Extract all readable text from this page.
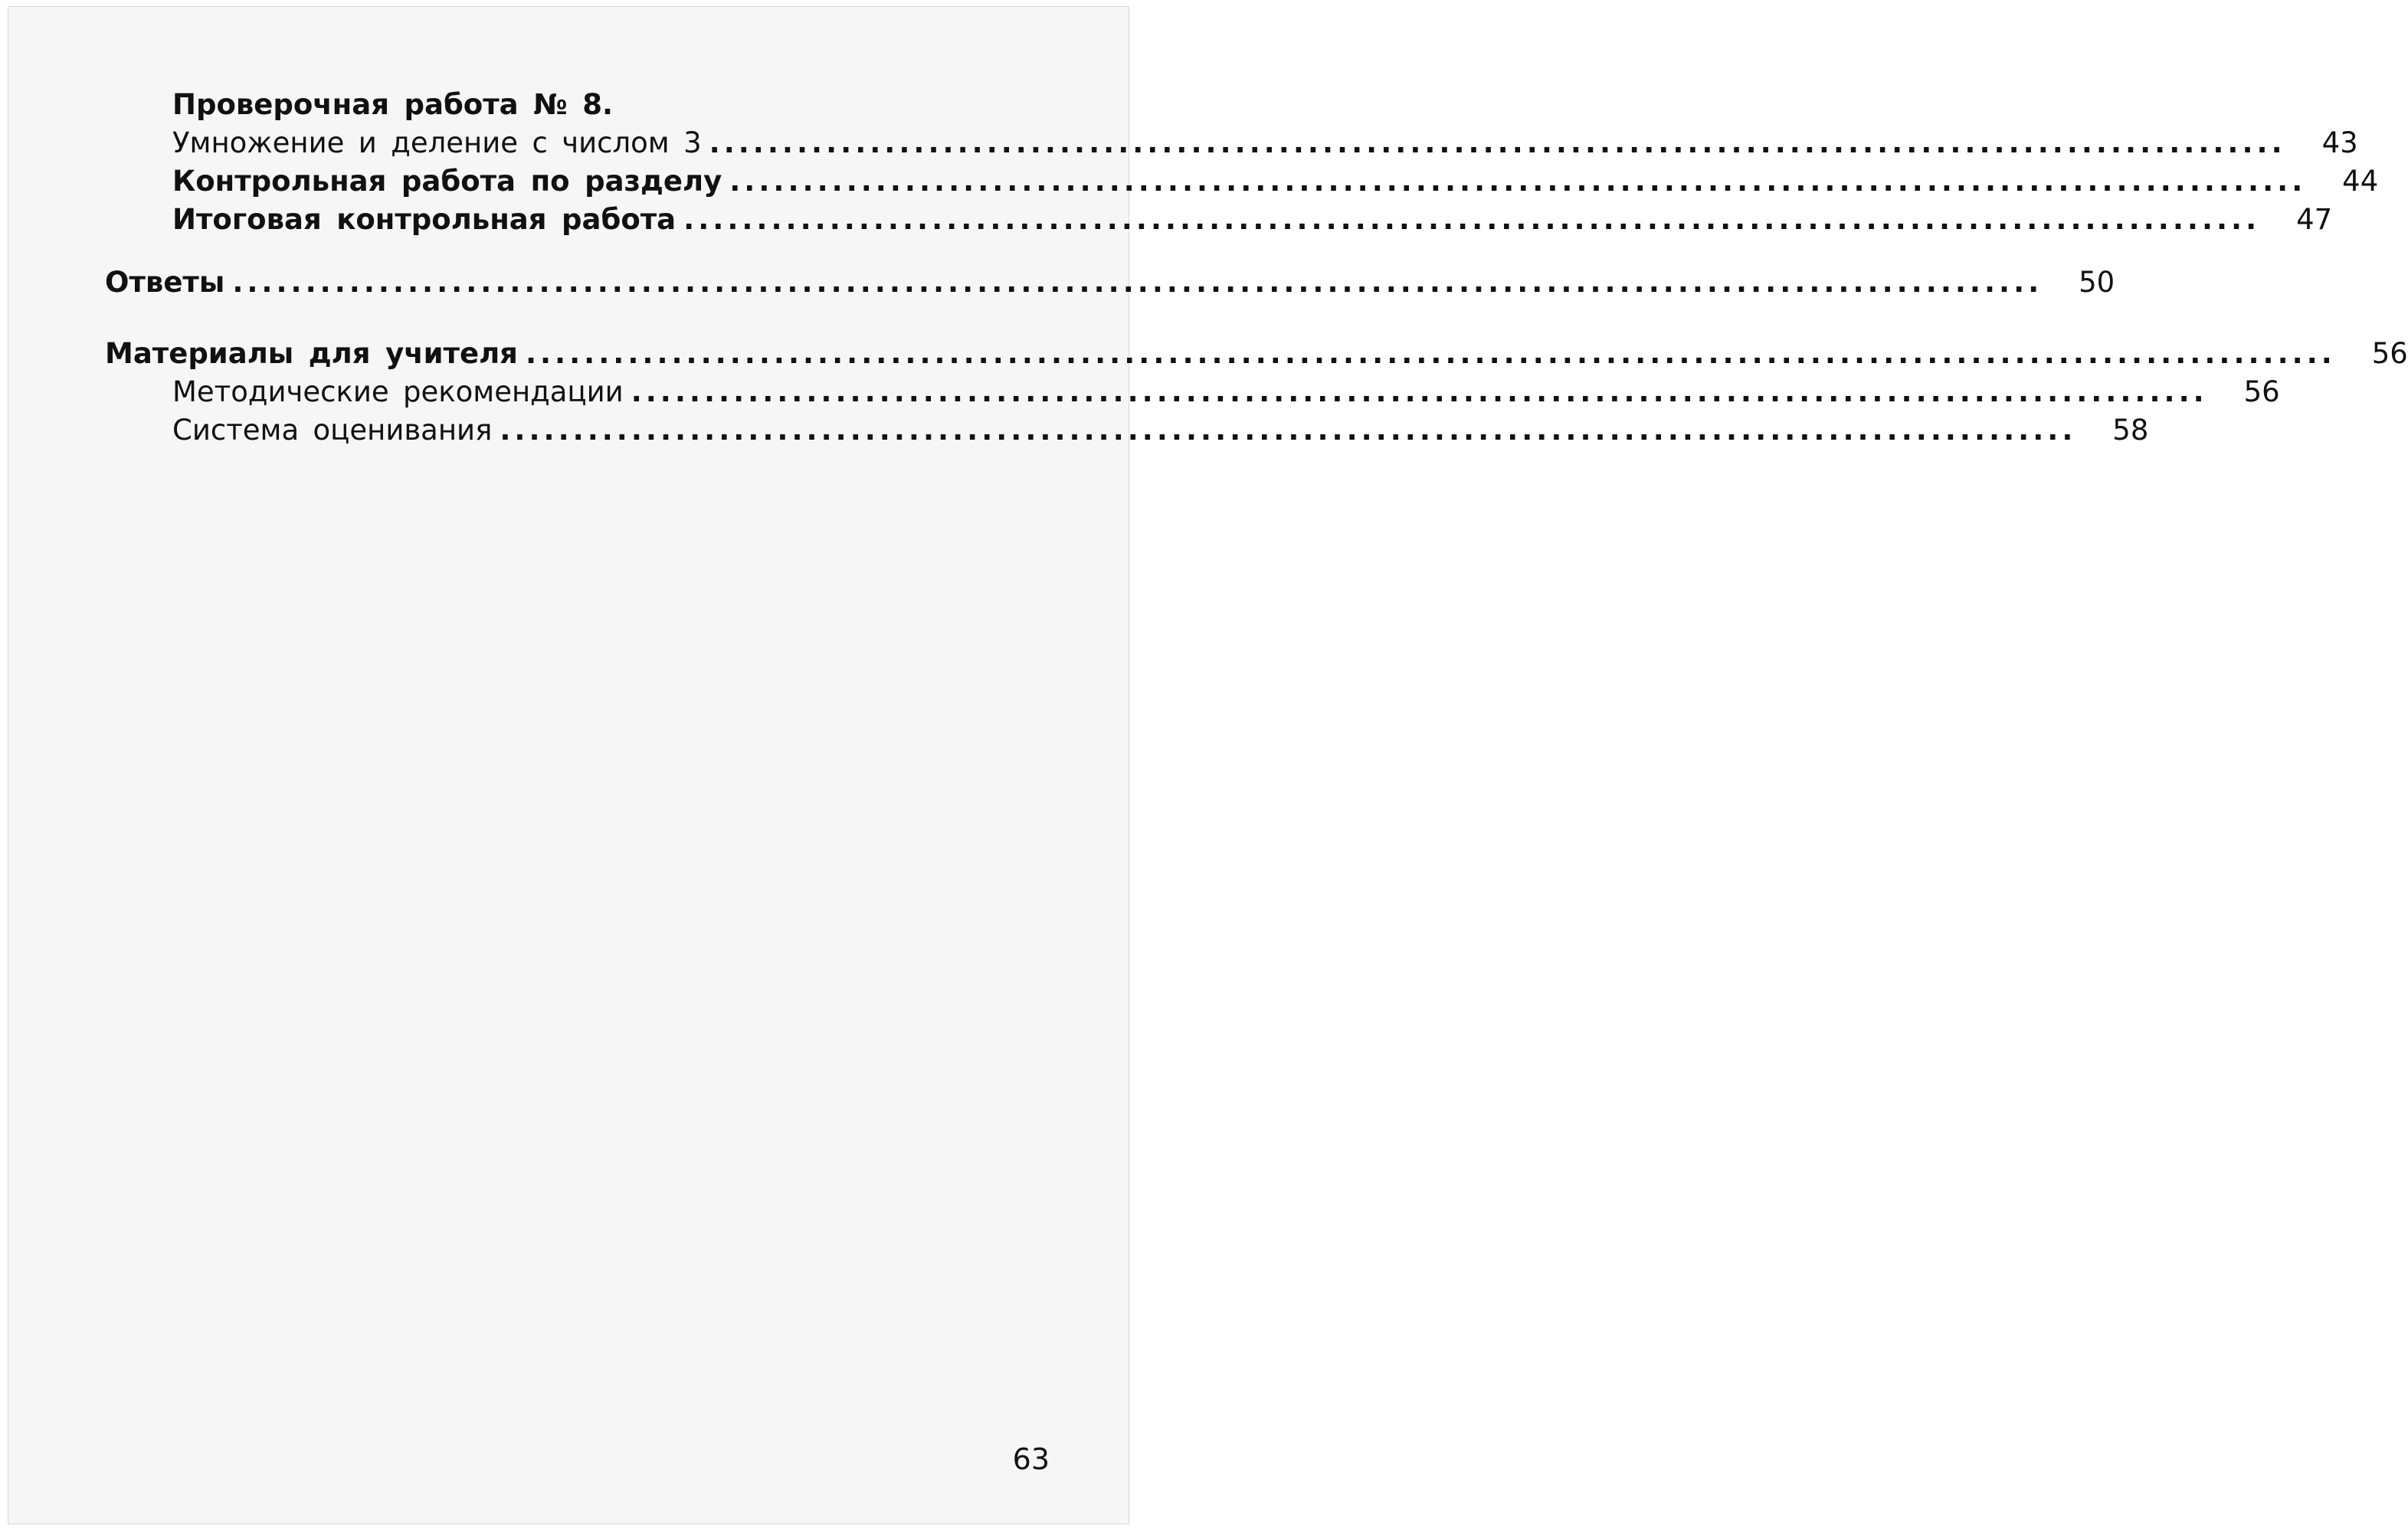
Проверочная работа № 8.
Умножение и деление с числом 3 ............................................................................................................	43
Контрольная работа по разделу ............................................................................................................	44
Итоговая контрольная работа ............................................................................................................	47
Ответы ............................................................................................................................	50
Материалы для учителя ............................................................................................................................	56
Методические рекомендации ............................................................................................................	56
Система оценивания ............................................................................................................	58
63
